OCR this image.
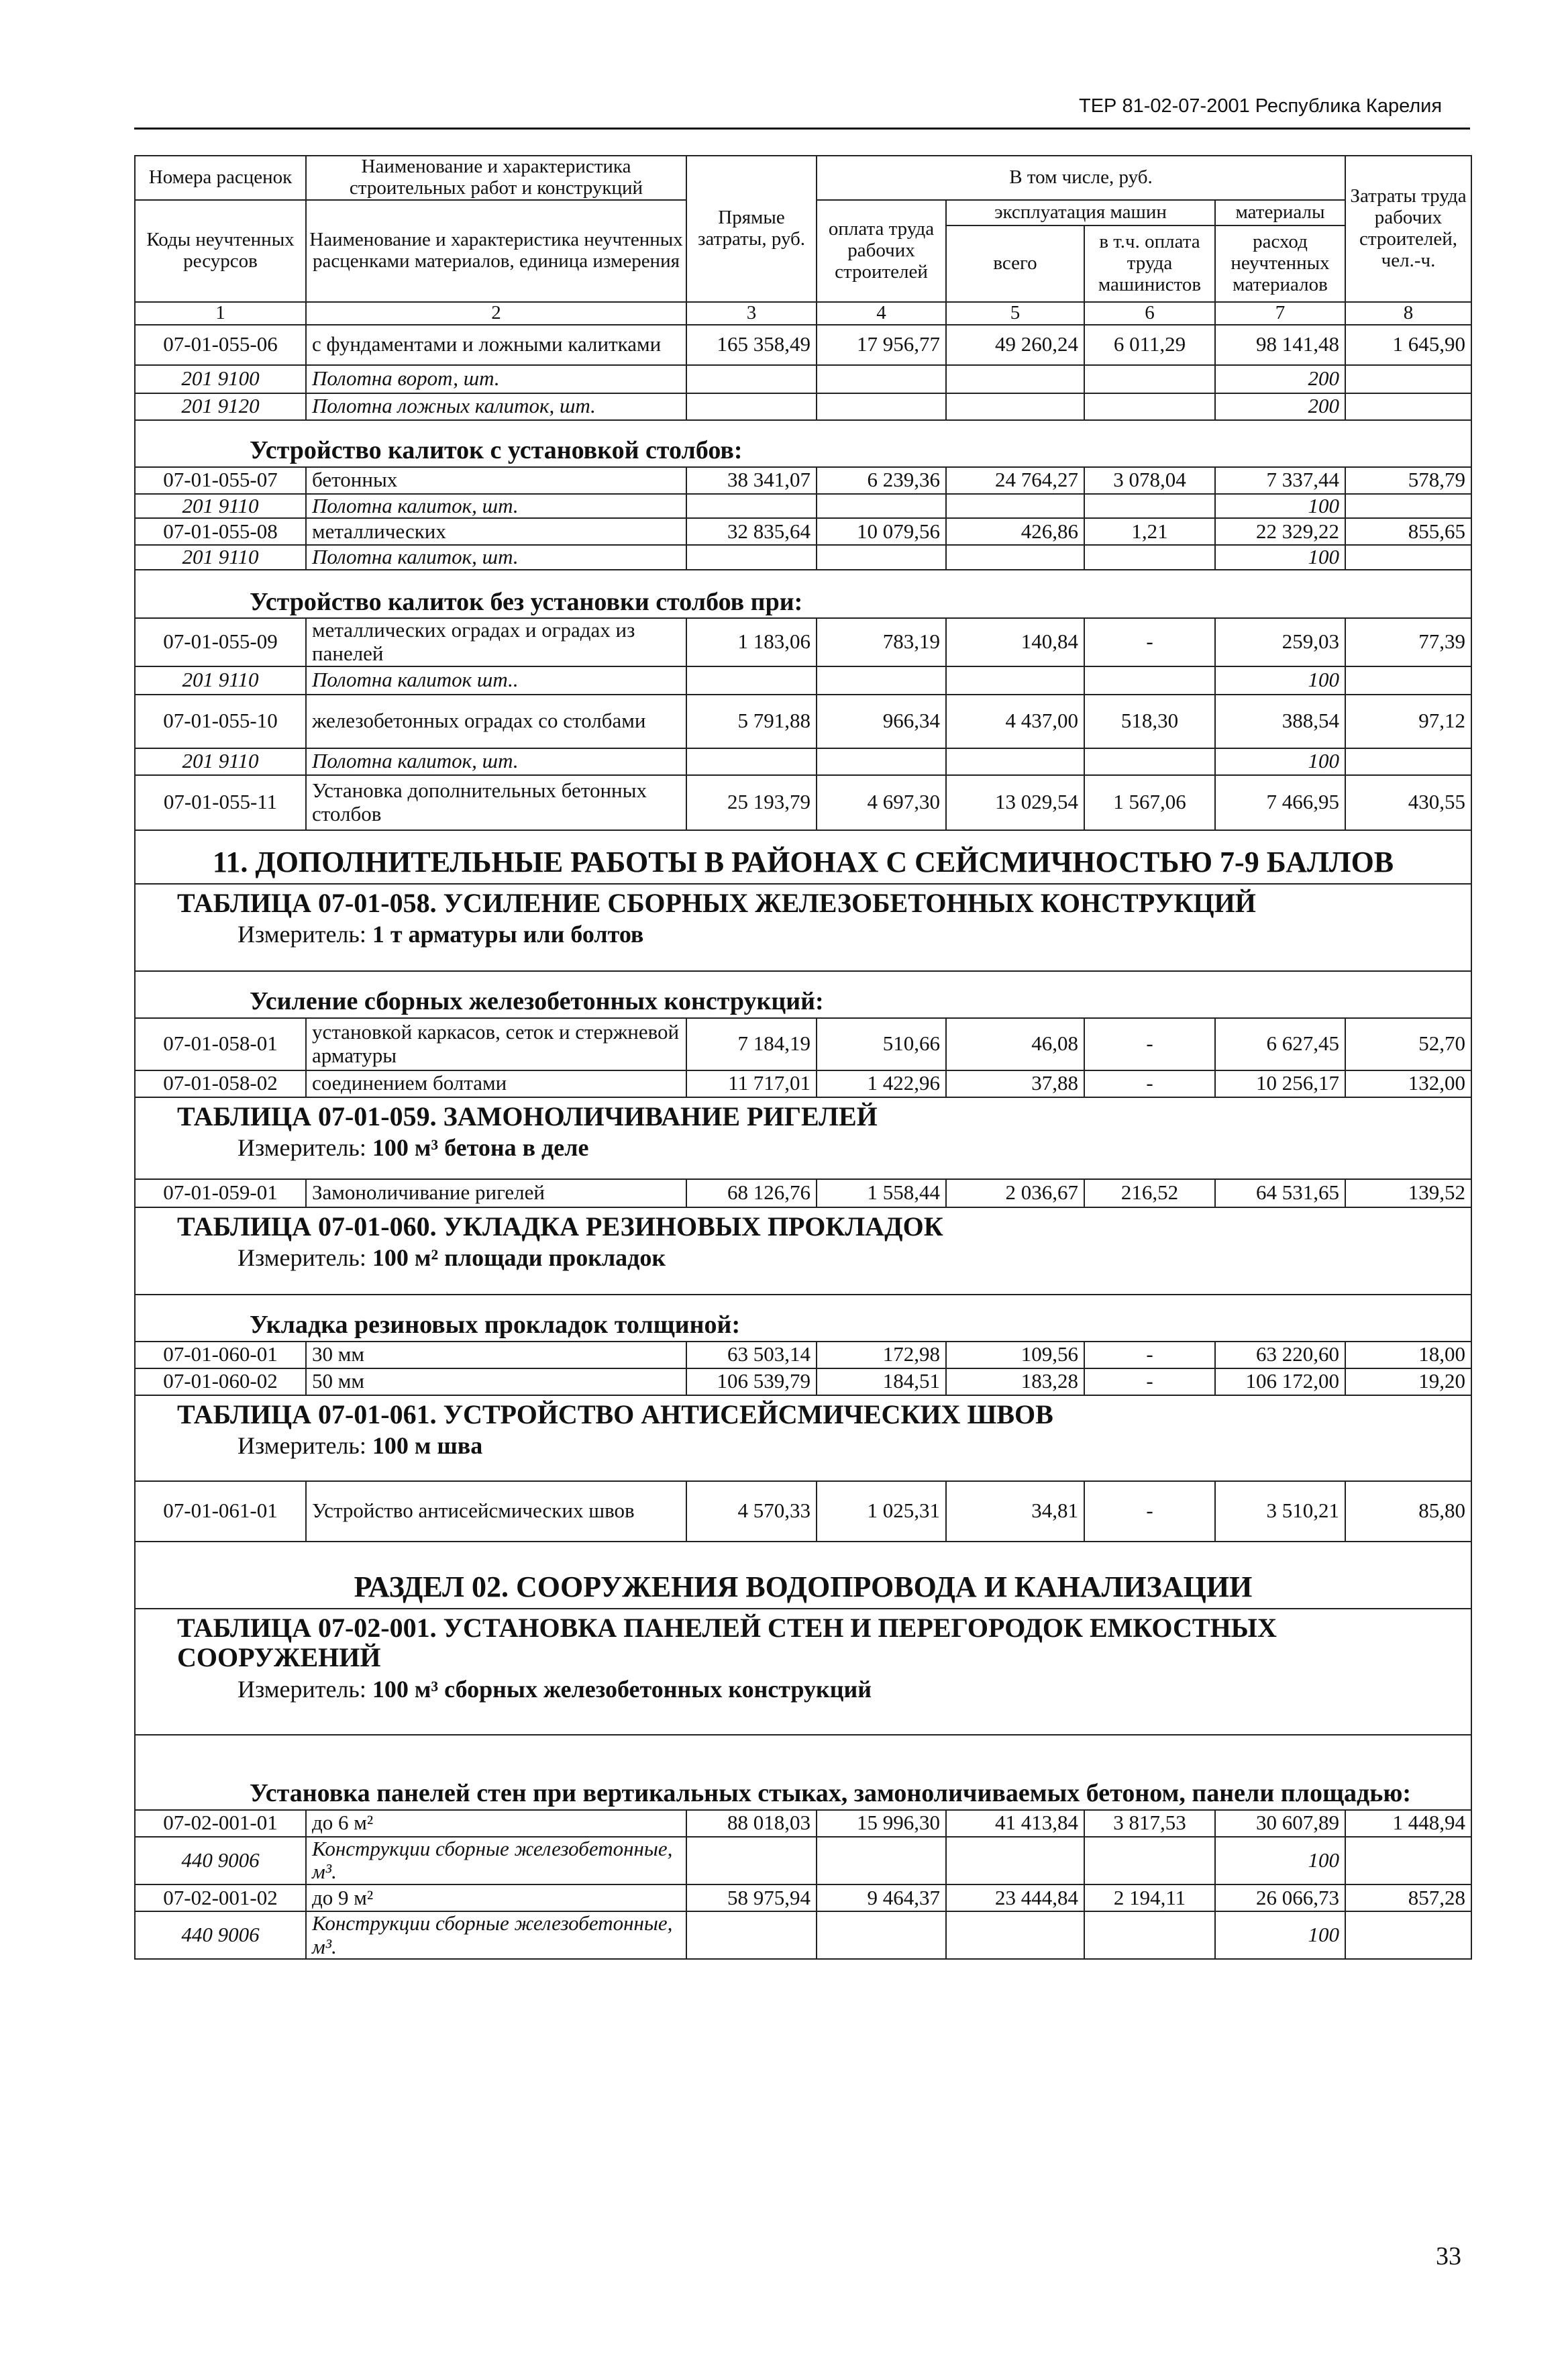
ТЕР 81-02-07-2001 Республика Карелия
Номера расценок	Наименование и характеристика строительных работ и конструкций	Прямые затраты, руб.	В том числе, руб.				Затраты труда рабочих строителей, чел.-ч.
Коды неучтенных ресурсов	Наименование и характеристика неучтенных расценками материалов, единица измерения		оплата труда рабочих строителей	эксплуатация машин		материалы	
				всего	в т.ч. оплата труда машинистов	расход неучтенных материалов	
1	2	3	4	5	6	7	8
07-01-055-06	с фундаментами и ложными калитками	165 358,49	17 956,77	49 260,24	6 011,29	98 141,48	1 645,90
201 9100	Полотна ворот, шт.					200	
201 9120	Полотна ложных калиток, шт.					200	
Устройство калиток с установкой столбов:							
07-01-055-07	бетонных	38 341,07	6 239,36	24 764,27	3 078,04	7 337,44	578,79
201 9110	Полотна калиток, шт.					100	
07-01-055-08	металлических	32 835,64	10 079,56	426,86	1,21	22 329,22	855,65
201 9110	Полотна калиток, шт.					100	
Устройство калиток без установки столбов при:							
07-01-055-09	металлических оградах и оградах из панелей	1 183,06	783,19	140,84	-	259,03	77,39
201 9110	Полотна калиток шт..					100	
07-01-055-10	железобетонных оградах со столбами	5 791,88	966,34	4 437,00	518,30	388,54	97,12
201 9110	Полотна калиток, шт.					100	
07-01-055-11	Установка дополнительных бетонных столбов	25 193,79	4 697,30	13 029,54	1 567,06	7 466,95	430,55
11. ДОПОЛНИТЕЛЬНЫЕ РАБОТЫ В РАЙОНАХ С СЕЙСМИЧНОСТЬЮ 7-9 БАЛЛОВ							
ТАБЛИЦА 07-01-058. УСИЛЕНИЕ СБОРНЫХ ЖЕЛЕЗОБЕТОННЫХ КОНСТРУКЦИЙ
Измеритель: 1 т арматуры или болтов							

Усиление сборных железобетонных конструкций:							
07-01-058-01	установкой каркасов, сеток и стержневой арматуры	7 184,19	510,66	46,08	-	6 627,45	52,70
07-01-058-02	соединением болтами	11 717,01	1 422,96	37,88	-	10 256,17	132,00
ТАБЛИЦА 07-01-059. ЗАМОНОЛИЧИВАНИЕ РИГЕЛЕЙ
Измеритель: 100 м³ бетона в деле							

07-01-059-01	Замоноличивание ригелей	68 126,76	1 558,44	2 036,67	216,52	64 531,65	139,52
ТАБЛИЦА 07-01-060. УКЛАДКА РЕЗИНОВЫХ ПРОКЛАДОК
Измеритель: 100 м² площади прокладок							

Укладка резиновых прокладок толщиной:							
07-01-060-01	30 мм	63 503,14	172,98	109,56	-	63 220,60	18,00
07-01-060-02	50 мм	106 539,79	184,51	183,28	-	106 172,00	19,20
ТАБЛИЦА 07-01-061. УСТРОЙСТВО АНТИСЕЙСМИЧЕСКИХ ШВОВ
Измеритель: 100 м шва							

07-01-061-01	Устройство антисейсмических швов	4 570,33	1 025,31	34,81	-	3 510,21	85,80
РАЗДЕЛ 02. СООРУЖЕНИЯ ВОДОПРОВОДА И КАНАЛИЗАЦИИ							
ТАБЛИЦА 07-02-001. УСТАНОВКА ПАНЕЛЕЙ СТЕН И ПЕРЕГОРОДОК ЕМКОСТНЫХ СООРУЖЕНИЙ
Измеритель: 100 м³ сборных железобетонных конструкций							

Установка панелей стен при вертикальных стыках, замоноличиваемых бетоном, панели площадью:							
07-02-001-01	до 6 м²	88 018,03	15 996,30	41 413,84	3 817,53	30 607,89	1 448,94
440 9006	Конструкции сборные железобетонные, м³.					100	
07-02-001-02	до 9 м²	58 975,94	9 464,37	23 444,84	2 194,11	26 066,73	857,28
440 9006	Конструкции сборные железобетонные, м³.					100	
33
